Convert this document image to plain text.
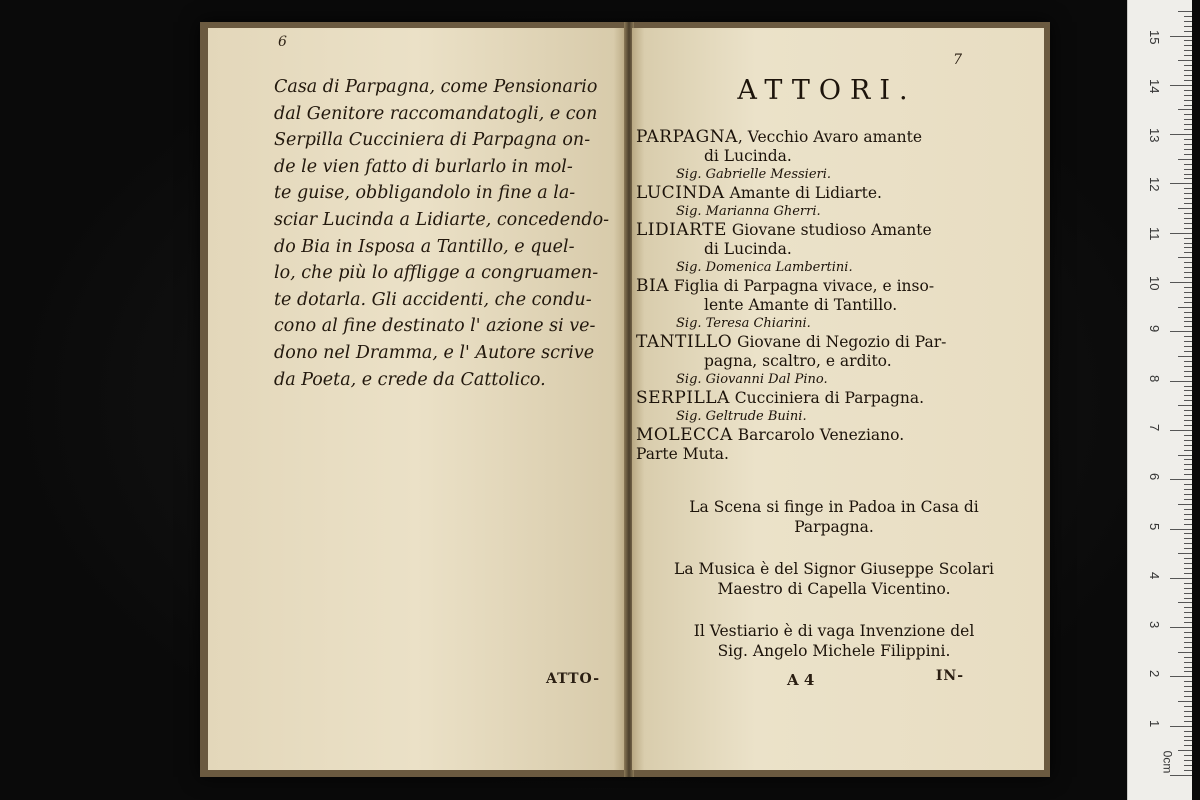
6
Casa di Parpagna, come Pensionario
dal Genitore raccomandatogli, e con
Serpilla Cucciniera di Parpagna on-
de le vien fatto di burlarlo in mol-
te guise, obbligandolo in fine a la-
sciar Lucinda a Lidiarte, concedendo-
do Bia in Isposa a Tantillo, e quel-
lo, che più lo affligge a congruamen-
te dotarla. Gli accidenti, che condu-
cono al fine destinato l' azione si ve-
dono nel Dramma, e l' Autore scrive
da Poeta, e crede da Cattolico.
ATTO-
7
ATTORI.
PARPAGNA, Vecchio Avaro amante
di Lucinda.
Sig. Gabrielle Messieri.
LUCINDA Amante di Lidiarte.
Sig. Marianna Gherri.
LIDIARTE Giovane studioso Amante
di Lucinda.
Sig. Domenica Lambertini.
BIA Figlia di Parpagna vivace, e inso-
lente Amante di Tantillo.
Sig. Teresa Chiarini.
TANTILLO Giovane di Negozio di Par-
pagna, scaltro, e ardito.
Sig. Giovanni Dal Pino.
SERPILLA Cucciniera di Parpagna.
Sig. Geltrude Buini.
MOLECCA Barcarolo Veneziano.
Parte Muta.
La Scena si finge in Padoa in Casa di
Parpagna.
La Musica è del Signor Giuseppe Scolari
Maestro di Capella Vicentino.
Il Vestiario è di vaga Invenzione del
Sig. Angelo Michele Filippini.
A 4	IN-
0cm
1
2
3
4
5
6
7
8
9
10
11
12
13
14
15
